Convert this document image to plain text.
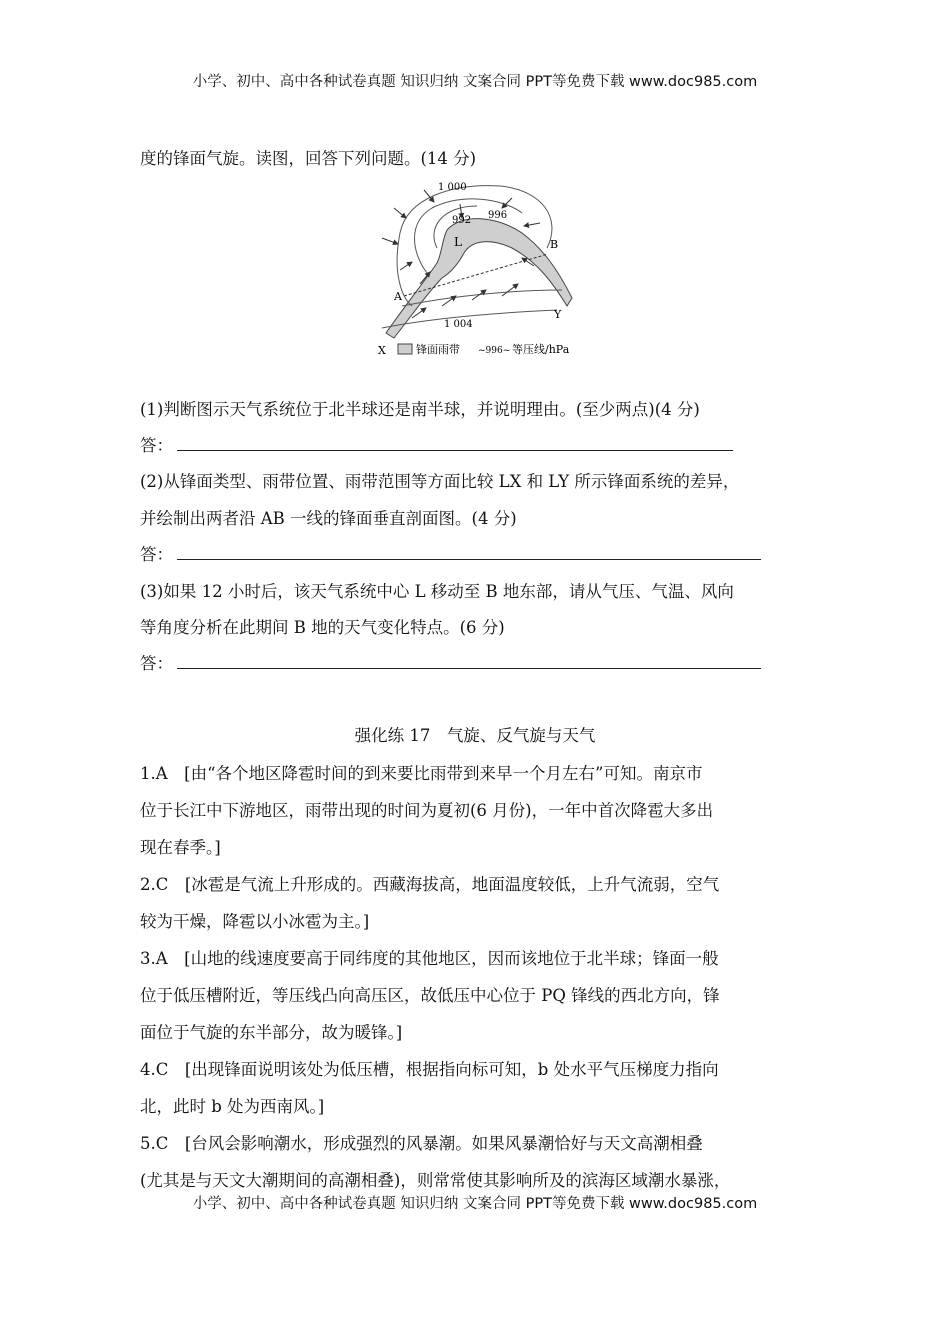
小学、初中、高中各种试卷真题 知识归纳 文案合同 PPT等免费下载 www.doc985.com
度的锋面气旋。读图，回答下列问题。(14 分)
1 000
996
992
1 004
L
A
B
X
Y
锋面雨带 ~996~ 等压线/hPa
(1)判断图示天气系统位于北半球还是南半球，并说明理由。(至少两点)(4 分)
答：
(2)从锋面类型、雨带位置、雨带范围等方面比较 LX 和 LY 所示锋面系统的差异，
并绘制出两者沿 AB 一线的锋面垂直剖面图。(4 分)
答：
(3)如果 12 小时后，该天气系统中心 L 移动至 B 地东部，请从气压、气温、风向
等角度分析在此期间 B 地的天气变化特点。(6 分)
答：
强化练 17　气旋、反气旋与天气
1.A　[由“各个地区降雹时间的到来要比雨带到来早一个月左右”可知。南京市
位于长江中下游地区，雨带出现的时间为夏初(6 月份)，一年中首次降雹大多出
现在春季。]
2.C　[冰雹是气流上升形成的。西藏海拔高，地面温度较低，上升气流弱，空气
较为干燥，降雹以小冰雹为主。]
3.A　[山地的线速度要高于同纬度的其他地区，因而该地位于北半球；锋面一般
位于低压槽附近，等压线凸向高压区，故低压中心位于 PQ 锋线的西北方向，锋
面位于气旋的东半部分，故为暖锋。]
4.C　[出现锋面说明该处为低压槽，根据指向标可知，b 处水平气压梯度力指向
北，此时 b 处为西南风。]
5.C　[台风会影响潮水，形成强烈的风暴潮。如果风暴潮恰好与天文高潮相叠
(尤其是与天文大潮期间的高潮相叠)，则常常使其影响所及的滨海区域潮水暴涨，
小学、初中、高中各种试卷真题 知识归纳 文案合同 PPT等免费下载 www.doc985.com
